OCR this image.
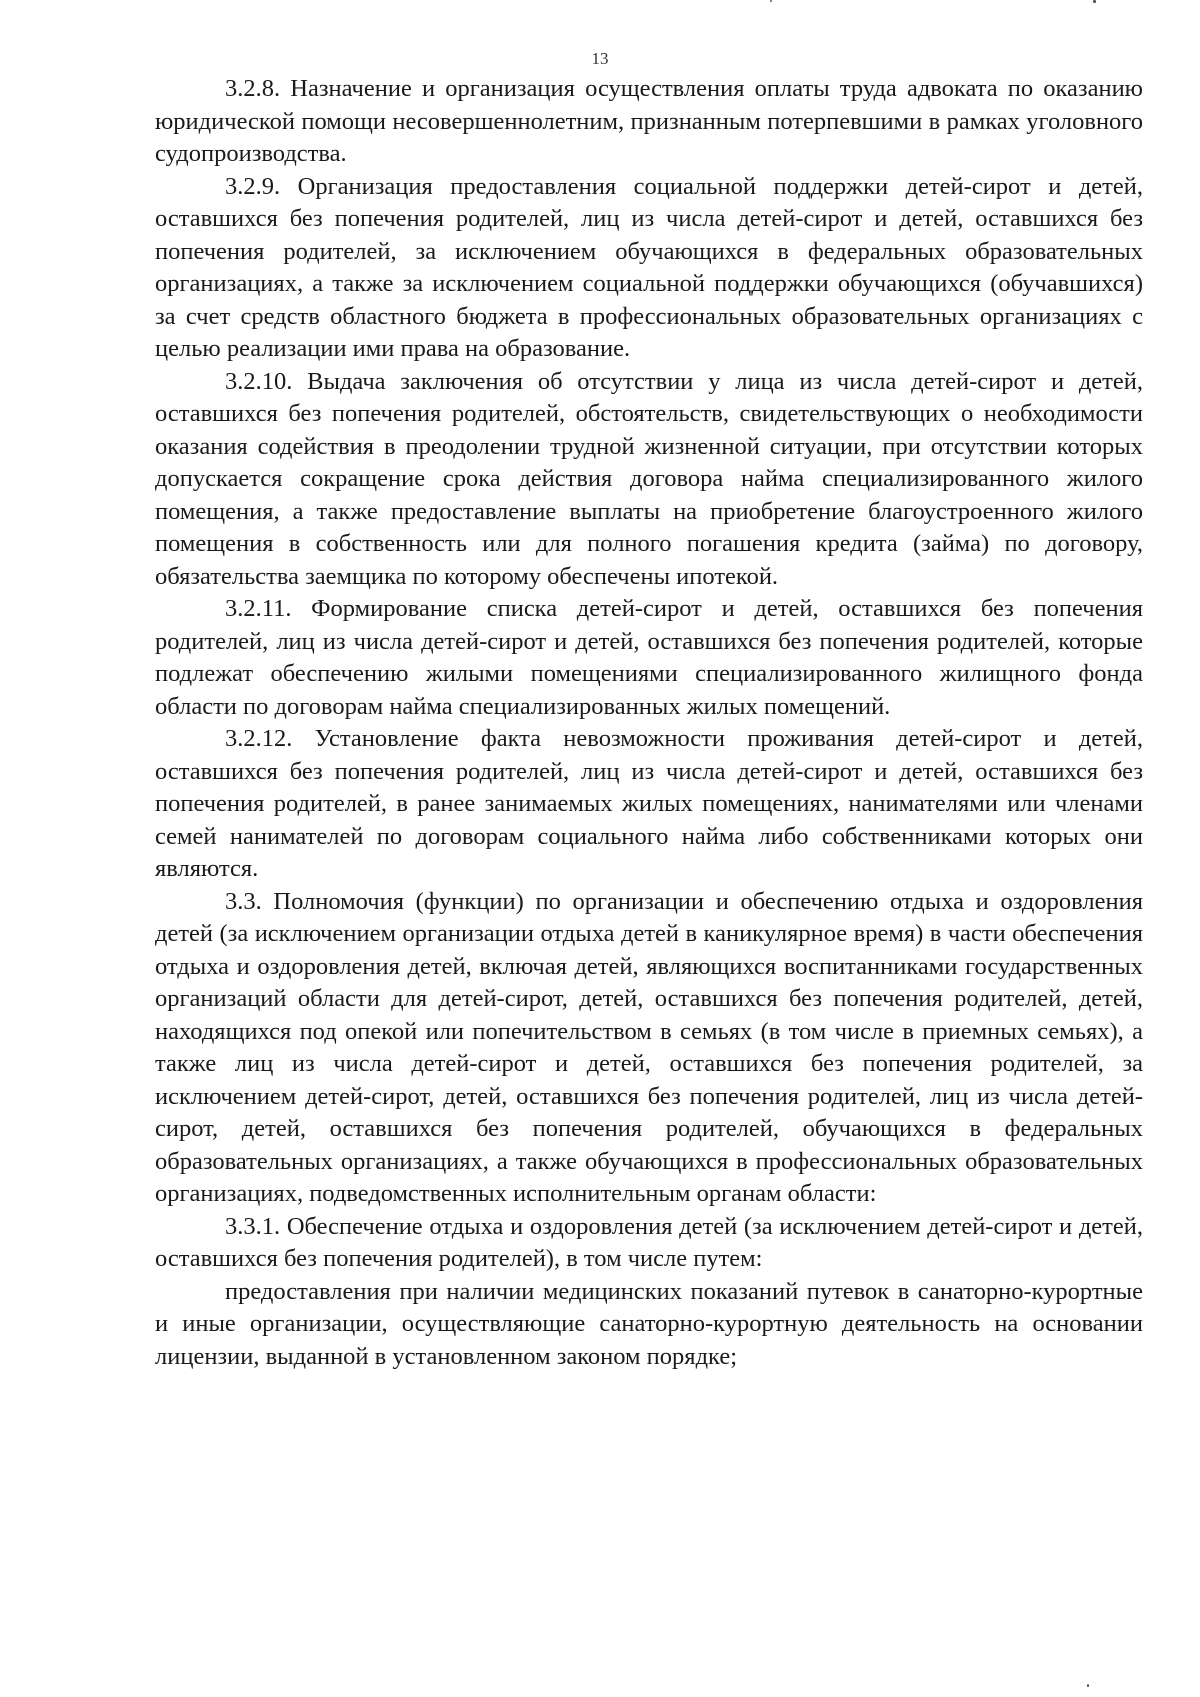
13

3.2.8. Назначение и организация осуществления оплаты труда адвоката по оказанию юридической помощи несовершеннолетним, признанным потерпевшими в рамках уголовного судопроизводства.

3.2.9. Организация предоставления социальной поддержки детей-сирот и детей, оставшихся без попечения родителей, лиц из числа детей-сирот и детей, оставшихся без попечения родителей, за исключением обучающихся в федеральных образовательных организациях, а также за исключением социальной поддержки обучающихся (обучавшихся) за счет средств областного бюджета в профессиональных образовательных организациях с целью реализации ими права на образование.

3.2.10. Выдача заключения об отсутствии у лица из числа детей-сирот и детей, оставшихся без попечения родителей, обстоятельств, свидетельствующих о необходимости оказания содействия в преодолении трудной жизненной ситуации, при отсутствии которых допускается сокращение срока действия договора найма специализированного жилого помещения, а также предоставление выплаты на приобретение благоустроенного жилого помещения в собственность или для полного погашения кредита (займа) по договору, обязательства заемщика по которому обеспечены ипотекой.

3.2.11. Формирование списка детей-сирот и детей, оставшихся без попечения родителей, лиц из числа детей-сирот и детей, оставшихся без попечения родителей, которые подлежат обеспечению жилыми помещениями специализированного жилищного фонда области по договорам найма специализированных жилых помещений.

3.2.12. Установление факта невозможности проживания детей-сирот и детей, оставшихся без попечения родителей, лиц из числа детей-сирот и детей, оставшихся без попечения родителей, в ранее занимаемых жилых помещениях, нанимателями или членами семей нанимателей по договорам социального найма либо собственниками которых они являются.

3.3. Полномочия (функции) по организации и обеспечению отдыха и оздоровления детей (за исключением организации отдыха детей в каникулярное время) в части обеспечения отдыха и оздоровления детей, включая детей, являющихся воспитанниками государственных организаций области для детей-сирот, детей, оставшихся без попечения родителей, детей, находящихся под опекой или попечительством в семьях (в том числе в приемных семьях), а также лиц из числа детей-сирот и детей, оставшихся без попечения родителей, за исключением детей-сирот, детей, оставшихся без попечения родителей, лиц из числа детей-сирот, детей, оставшихся без попечения родителей, обучающихся в федеральных образовательных организациях, а также обучающихся в профессиональных образовательных организациях, подведомственных исполнительным органам области:

3.3.1. Обеспечение отдыха и оздоровления детей (за исключением детей-сирот и детей, оставшихся без попечения родителей), в том числе путем:

предоставления при наличии медицинских показаний путевок в санаторно-курортные и иные организации, осуществляющие санаторно-курортную деятельность на основании лицензии, выданной в установленном законом порядке;
